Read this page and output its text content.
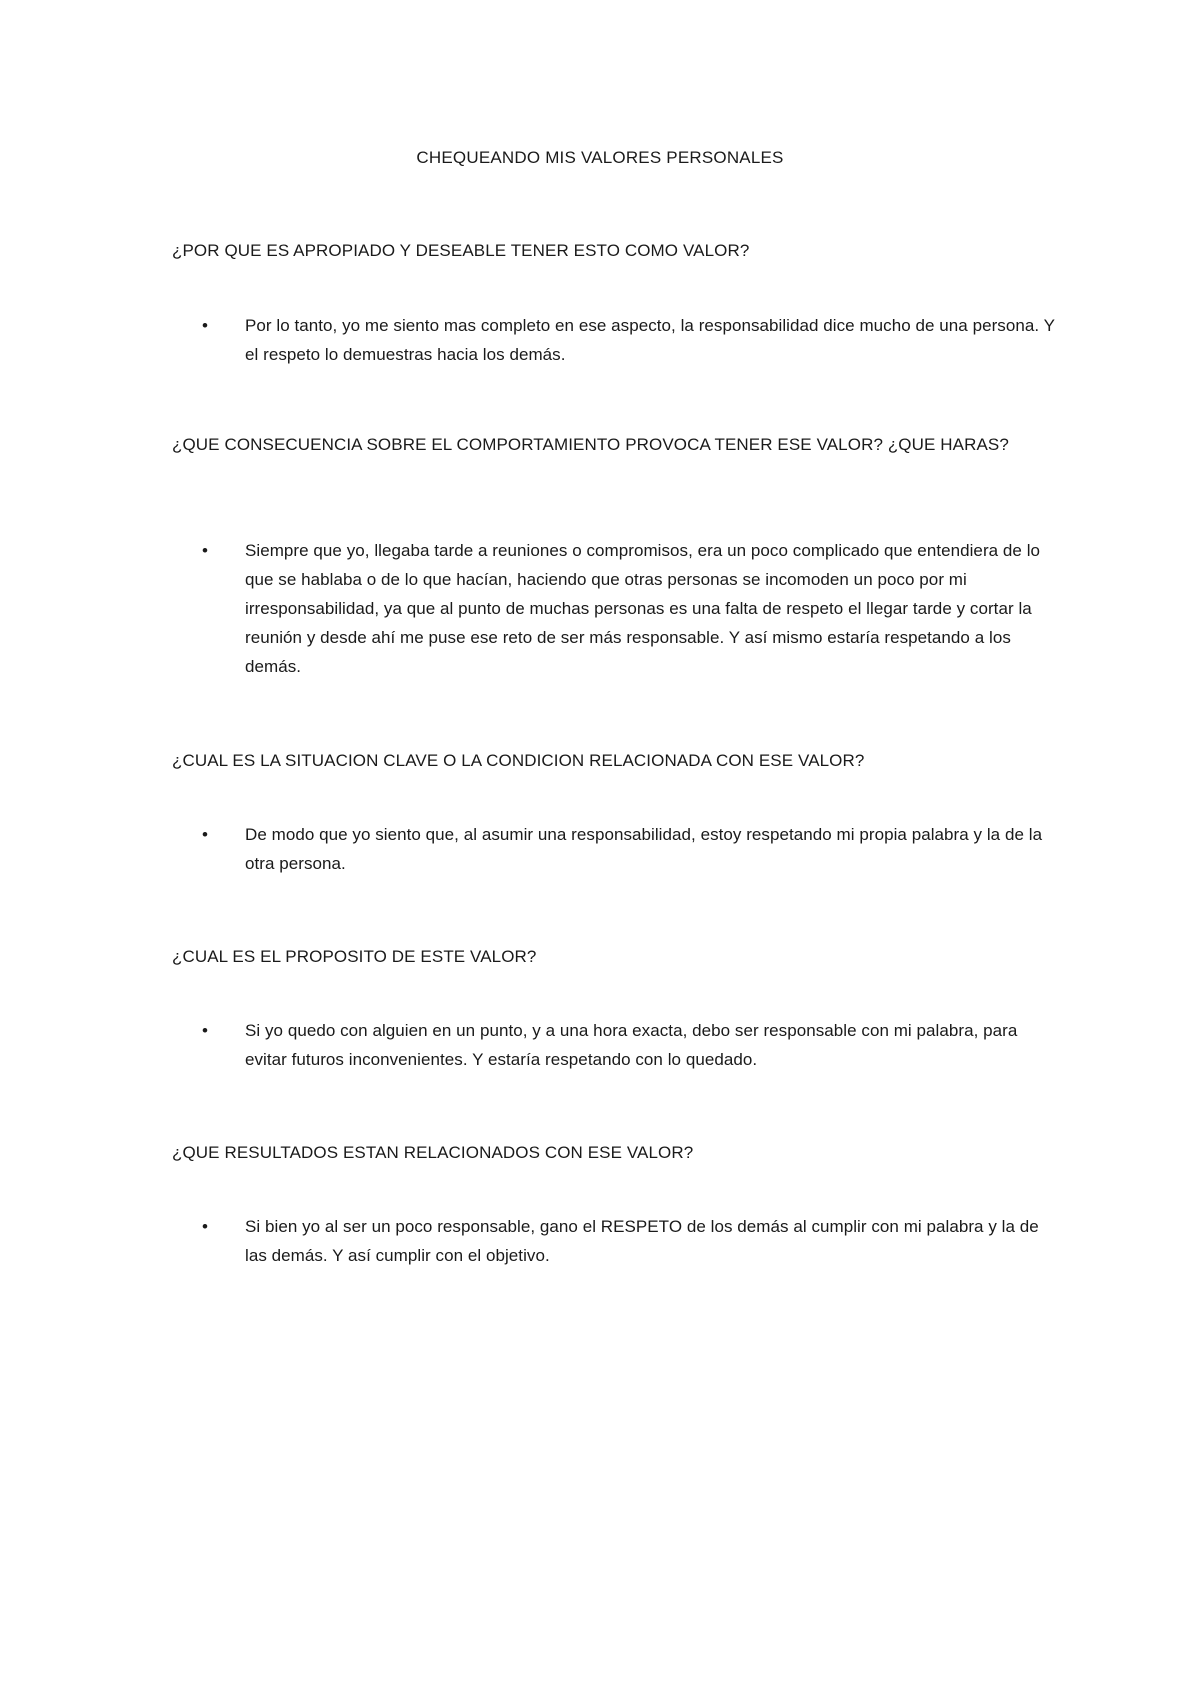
CHEQUEANDO MIS VALORES PERSONALES
¿POR QUE ES APROPIADO Y DESEABLE TENER ESTO COMO VALOR?
•	Por lo tanto, yo me siento mas completo en ese aspecto, la responsabilidad dice mucho de una persona. Y el respeto lo demuestras hacia los demás.
¿QUE CONSECUENCIA SOBRE EL COMPORTAMIENTO PROVOCA TENER ESE VALOR? ¿QUE HARAS?
•	Siempre que yo, llegaba tarde a reuniones o compromisos, era un poco complicado que entendiera de lo que se hablaba o de lo que hacían, haciendo que otras personas se incomoden un poco por mi irresponsabilidad, ya que al punto de muchas personas es una falta de respeto el llegar tarde y cortar la reunión y desde ahí me puse ese reto de ser más responsable. Y así mismo estaría respetando a los demás.
¿CUAL ES LA SITUACION CLAVE O LA CONDICION RELACIONADA CON ESE VALOR?
•	De modo que yo siento que, al asumir una responsabilidad, estoy respetando mi propia palabra y la de la otra persona.
¿CUAL ES EL PROPOSITO DE ESTE VALOR?
•	Si yo quedo con alguien en un punto, y a una hora exacta, debo ser responsable con mi palabra, para evitar futuros inconvenientes. Y estaría respetando con lo quedado.
¿QUE RESULTADOS ESTAN RELACIONADOS CON ESE VALOR?
•	Si bien yo al ser un poco responsable, gano el RESPETO de los demás al cumplir con mi palabra y la de las demás. Y así cumplir con el objetivo.
